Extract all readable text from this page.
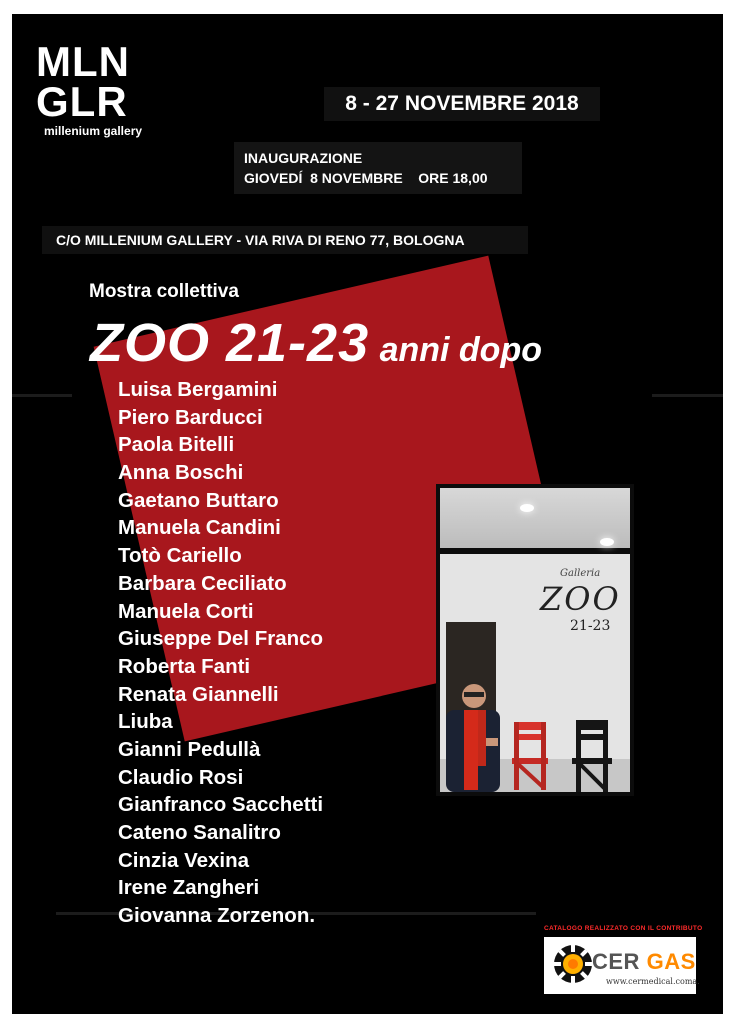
MLN
GLR
millenium gallery
8 - 27 NOVEMBRE 2018
INAUGURAZIONE
GIOVEDÍ  8 NOVEMBRE    ORE 18,00
C/O MILLENIUM GALLERY - VIA RIVA DI RENO 77, BOLOGNA
Mostra collettiva
ZOO 21-23 anni dopo
Luisa Bergamini
Piero Barducci
Paola Bitelli
Anna Boschi
Gaetano Buttaro
Manuela Candini
Totò Cariello
Barbara Ceciliato
Manuela Corti
Giuseppe Del Franco
Roberta Fanti
Renata Giannelli
Liuba
Gianni Pedullà
Claudio Rosi
Gianfranco Sacchetti
Cateno Sanalitro
Cinzia Vexina
Irene Zangheri
Giovanna Zorzenon.
Galleria
ZOO
21-23
CATALOGO REALIZZATO CON IL CONTRIBUTO
CER GAS
www.cermedical.coma.
